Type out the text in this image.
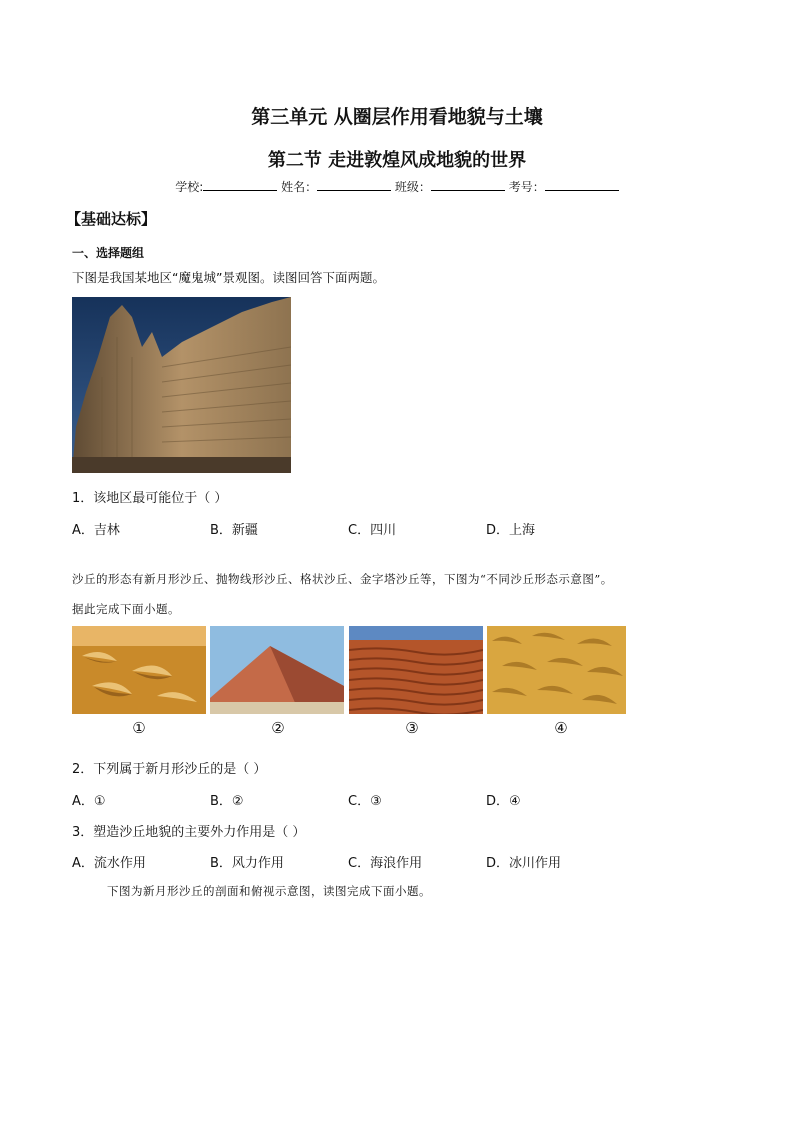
第三单元 从圈层作用看地貌与土壤
第二节 走进敦煌风成地貌的世界
学校:	姓名：	班级：	考号：
【基础达标】
一、选择题组
下图是我国某地区“魔鬼城”景观图。读图回答下面两题。
1．该地区最可能位于（ ）
A．吉林	B．新疆	C．四川	D．上海
沙丘的形态有新月形沙丘、抛物线形沙丘、格状沙丘、金字塔沙丘等，下图为“不同沙丘形态示意图”。
据此完成下面小题。
①	②	③	④
2．下列属于新月形沙丘的是（ ）
A．①	B．②	C．③	D．④
3．塑造沙丘地貌的主要外力作用是（ ）
A．流水作用	B．风力作用	C．海浪作用	D．冰川作用
下图为新月形沙丘的剖面和俯视示意图，读图完成下面小题。
